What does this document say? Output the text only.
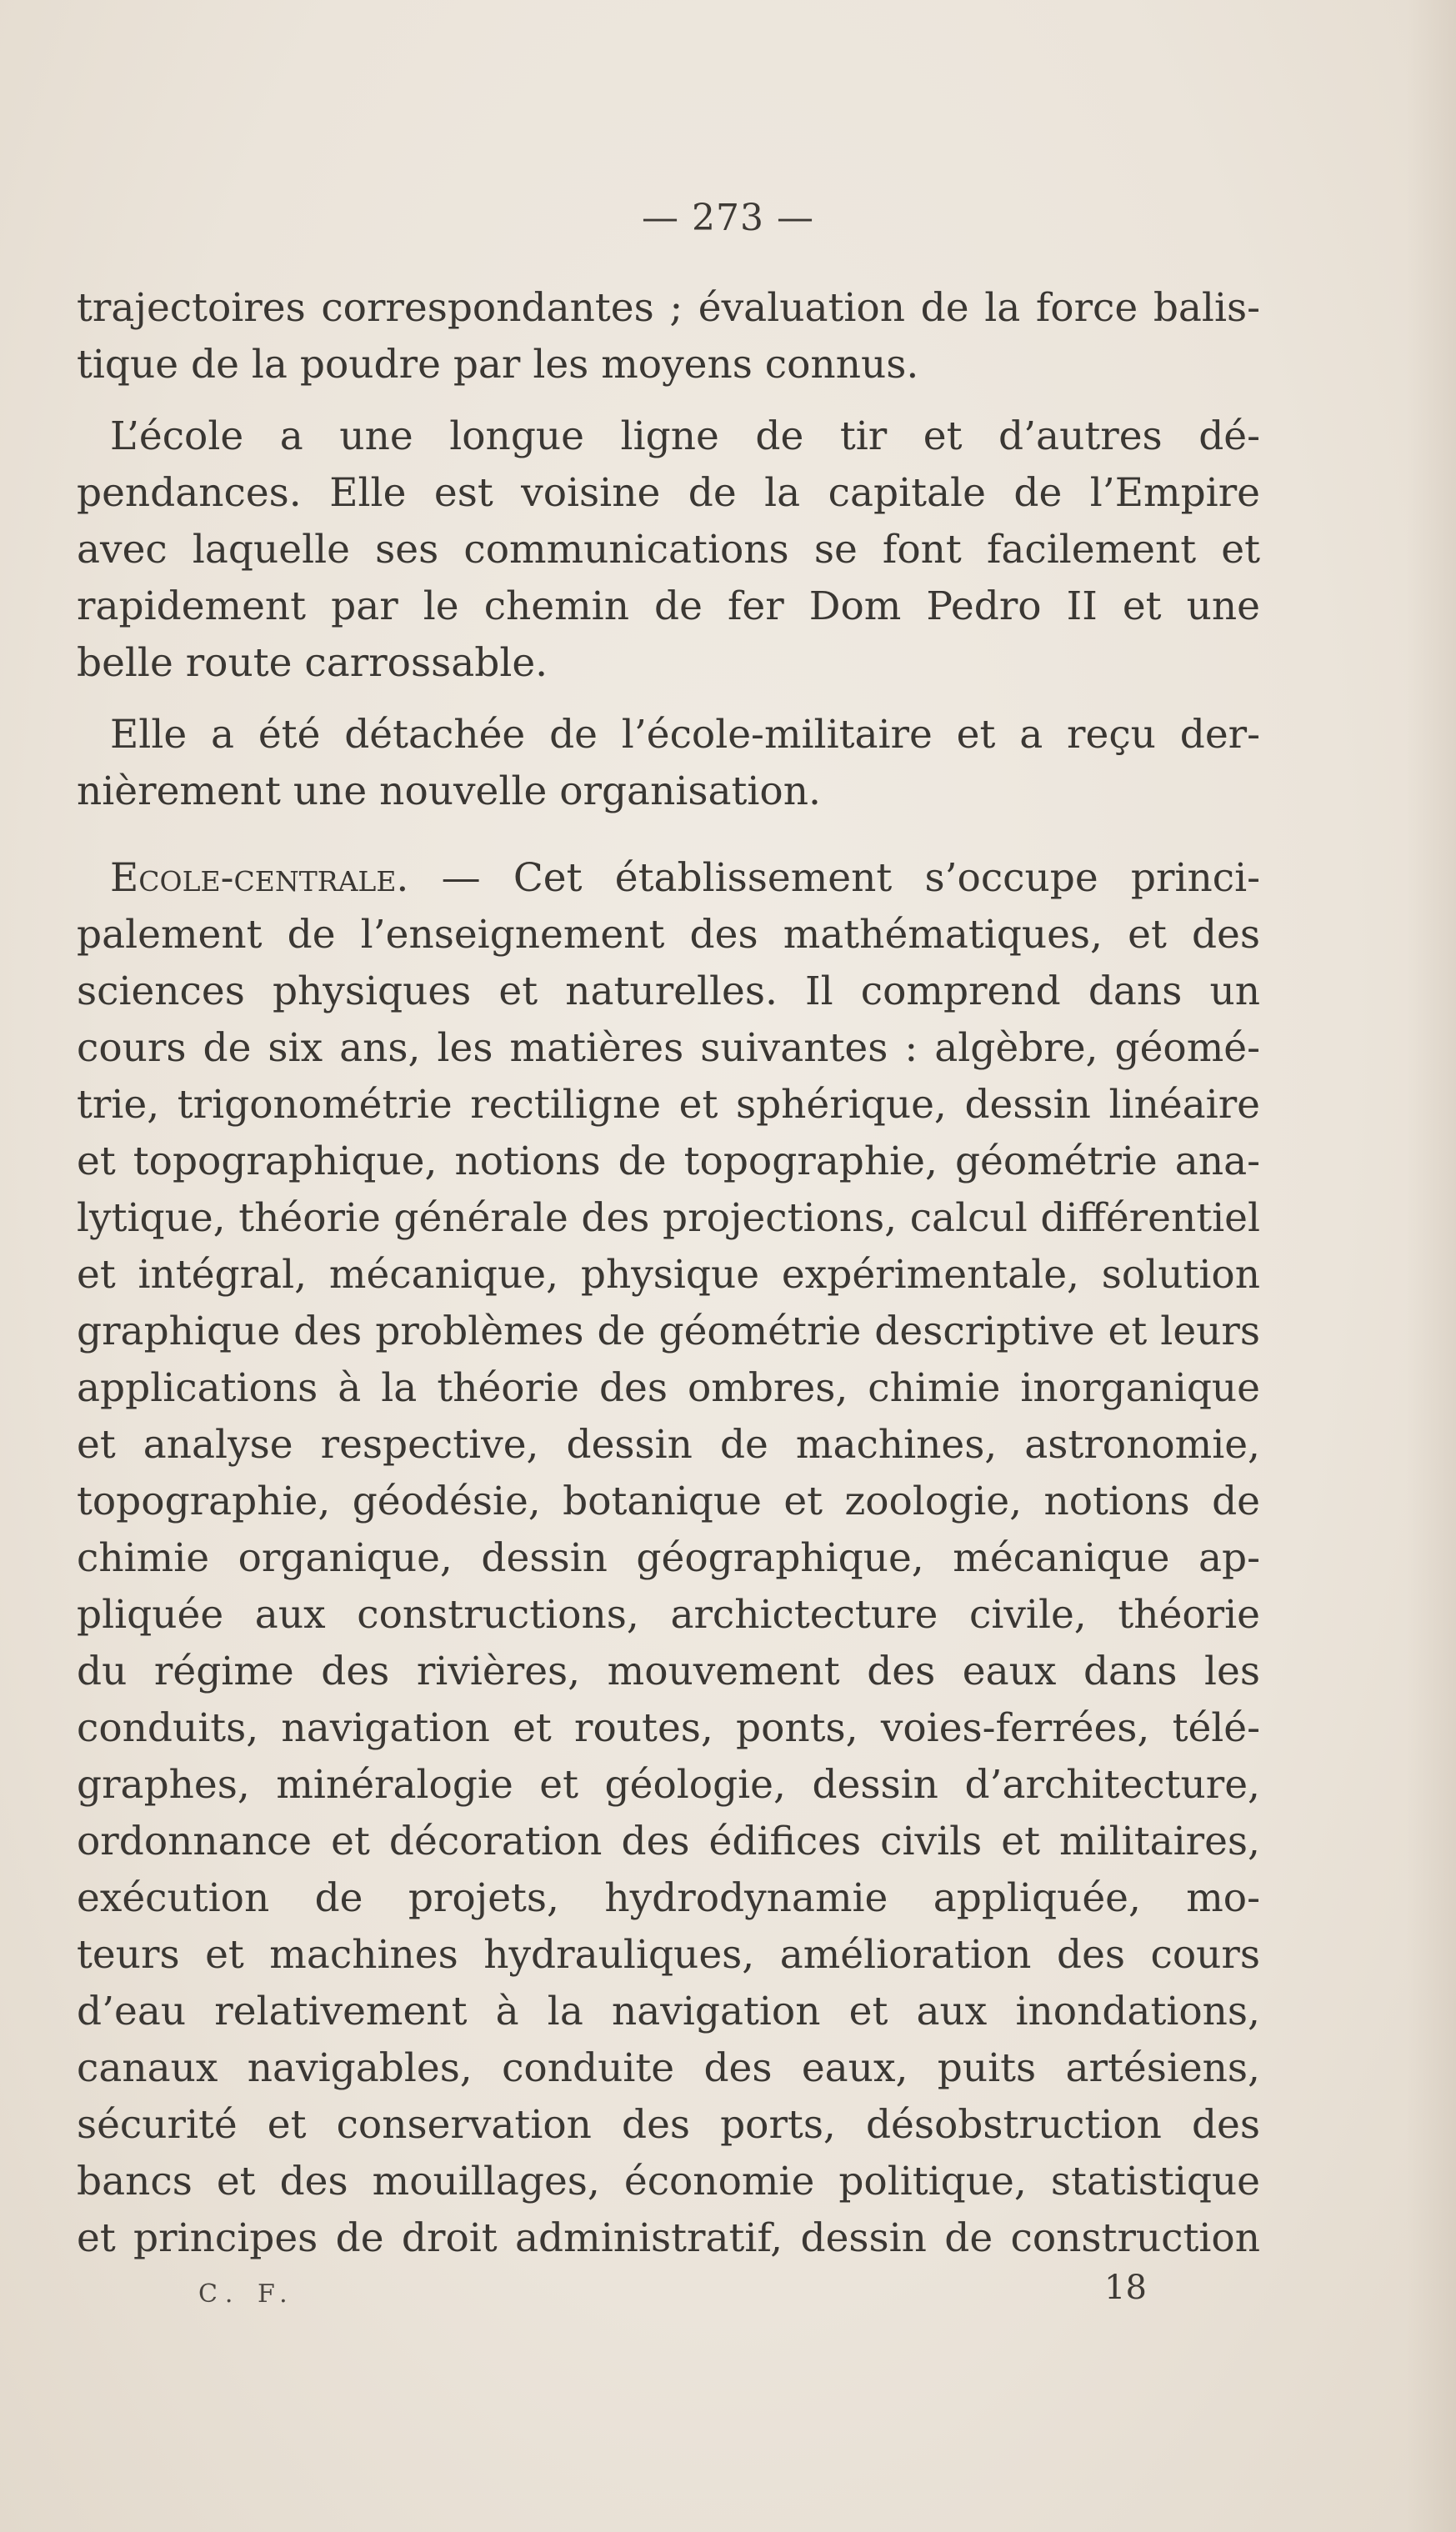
— 273 —
trajectoires correspondantes ; évaluation de la force balis-
tique de la poudre par les moyens connus.
L’école a une longue ligne de tir et d’autres dé-
pendances. Elle est voisine de la capitale de l’Empire
avec laquelle ses communications se font facilement et
rapidement par le chemin de fer Dom Pedro II et une
belle route carrossable.
Elle a été détachée de l’école-militaire et a reçu der-
nièrement une nouvelle organisation.
Ecole-centrale. — Cet établissement s’occupe princi-
palement de l’enseignement des mathématiques, et des
sciences physiques et naturelles. Il comprend dans un
cours de six ans, les matières suivantes : algèbre, géomé-
trie, trigonométrie rectiligne et sphérique, dessin linéaire
et topographique, notions de topographie, géométrie ana-
lytique, théorie générale des projections, calcul différentiel
et intégral, mécanique, physique expérimentale, solution
graphique des problèmes de géométrie descriptive et leurs
applications à la théorie des ombres, chimie inorganique
et analyse respective, dessin de machines, astronomie,
topographie, géodésie, botanique et zoologie, notions de
chimie organique, dessin géographique, mécanique ap-
pliquée aux constructions, archictecture civile, théorie
du régime des rivières, mouvement des eaux dans les
conduits, navigation et routes, ponts, voies-ferrées, télé-
graphes, minéralogie et géologie, dessin d’architecture,
ordonnance et décoration des édifices civils et militaires,
exécution de projets, hydrodynamie appliquée, mo-
teurs et machines hydrauliques, amélioration des cours
d’eau relativement à la navigation et aux inondations,
canaux navigables, conduite des eaux, puits artésiens,
sécurité et conservation des ports, désobstruction des
bancs et des mouillages, économie politique, statistique
et principes de droit administratif, dessin de construction
C. F.	18
